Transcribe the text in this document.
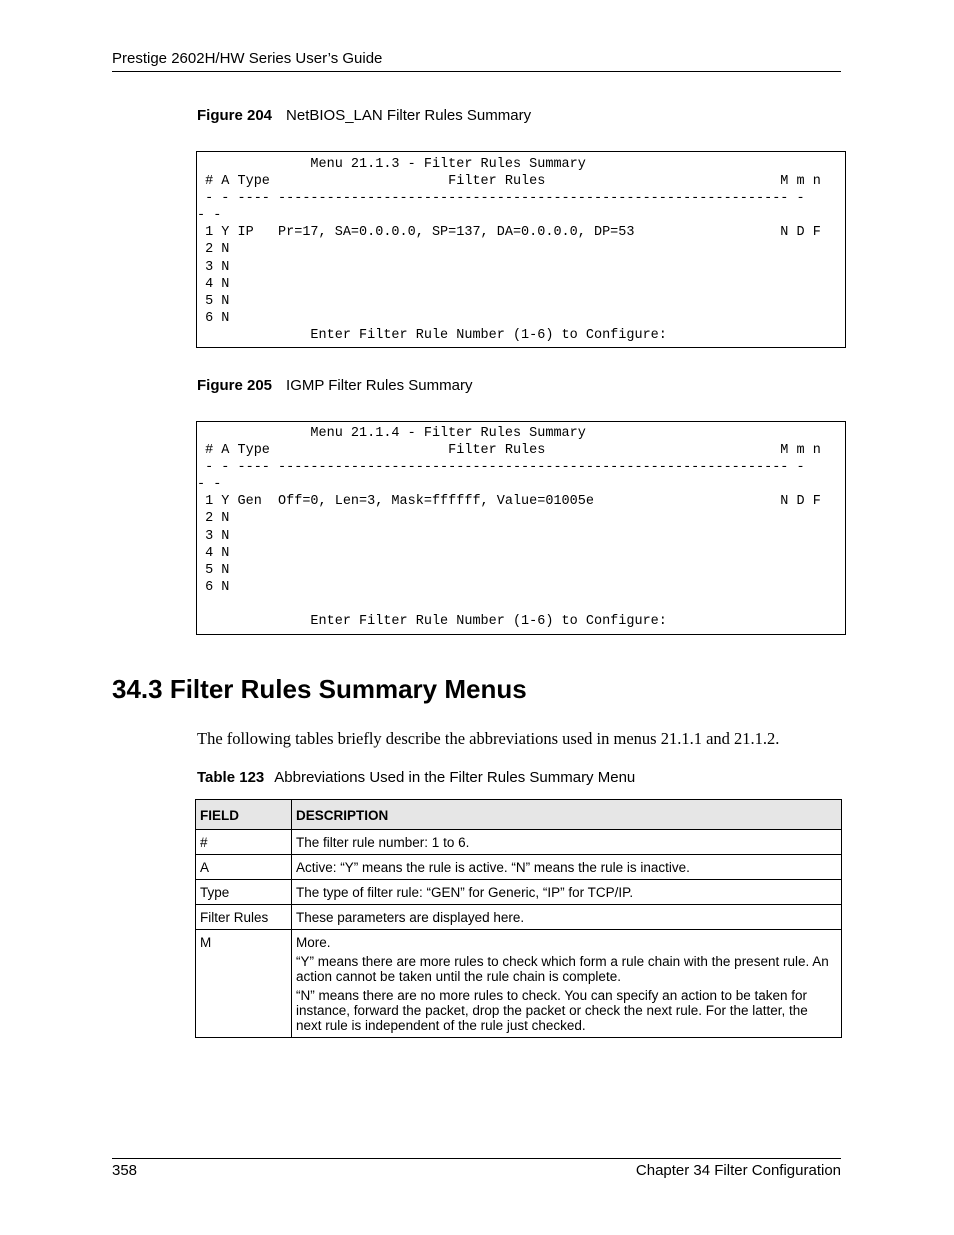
Prestige 2602H/HW Series User’s Guide
Figure 204 NetBIOS_LAN Filter Rules Summary
Menu 21.1.3 - Filter Rules Summary
# A Type                      Filter Rules                             M m n
- - ---- --------------------------------------------------------------- -
- -
1 Y IP   Pr=17, SA=0.0.0.0, SP=137, DA=0.0.0.0, DP=53                  N D F
2 N
3 N
4 N
5 N
6 N
Enter Filter Rule Number (1-6) to Configure:
Figure 205 IGMP Filter Rules Summary
Menu 21.1.4 - Filter Rules Summary
# A Type                      Filter Rules                             M m n
- - ---- --------------------------------------------------------------- -
- -
1 Y Gen  Off=0, Len=3, Mask=ffffff, Value=01005e                       N D F
2 N
3 N
4 N
5 N
6 N
Enter Filter Rule Number (1-6) to Configure:
34.3 Filter Rules Summary Menus
The following tables briefly describe the abbreviations used in menus 21.1.1 and 21.1.2.
Table 123 Abbreviations Used in the Filter Rules Summary Menu
FIELD	DESCRIPTION
#	The filter rule number: 1 to 6.

A	Active: “Y” means the rule is active. “N” means the rule is inactive.

Type	The type of filter rule: “GEN” for Generic, “IP” for TCP/IP.

Filter Rules	These parameters are displayed here.

M	More.

“Y” means there are more rules to check which form a rule chain with the present rule. An action cannot be taken until the rule chain is complete.

“N” means there are no more rules to check. You can specify an action to be taken for instance, forward the packet, drop the packet or check the next rule. For the latter, the next rule is independent of the rule just checked.

358	Chapter 34 Filter Configuration
